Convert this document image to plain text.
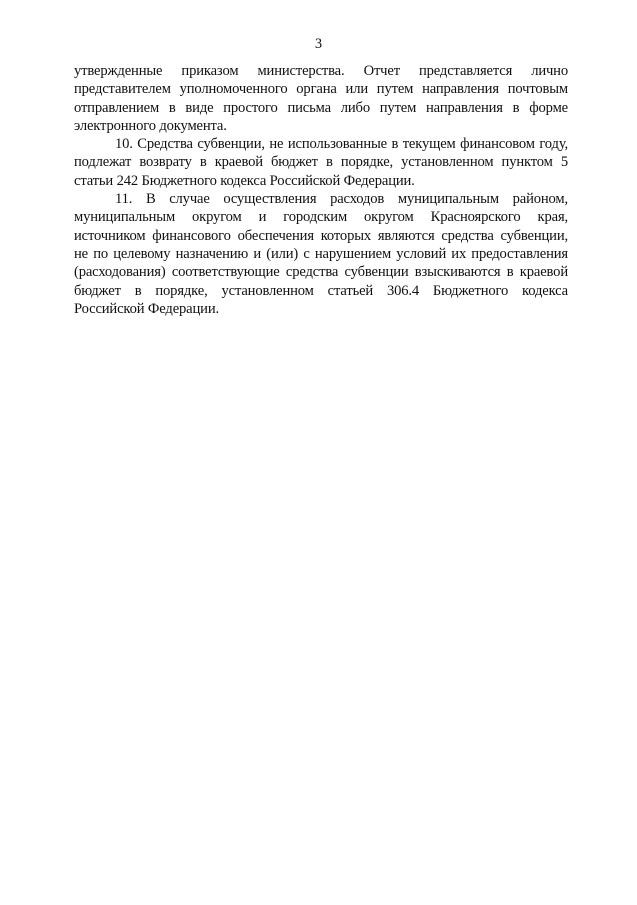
3
утвержденные приказом министерства. Отчет представляется лично
представителем уполномоченного органа или путем направления почтовым
отправлением в виде простого письма либо путем направления в форме
электронного документа.
10. Средства субвенции, не использованные в текущем финансовом году,
подлежат возврату в краевой бюджет в порядке, установленном пунктом 5
статьи 242 Бюджетного кодекса Российской Федерации.
11. В случае осуществления расходов муниципальным районом,
муниципальным округом и городским округом Красноярского края,
источником финансового обеспечения которых являются средства субвенции,
не по целевому назначению и (или) с нарушением условий их предоставления
(расходования) соответствующие средства субвенции взыскиваются в краевой
бюджет в порядке, установленном статьей 306.4 Бюджетного кодекса
Российской Федерации.
